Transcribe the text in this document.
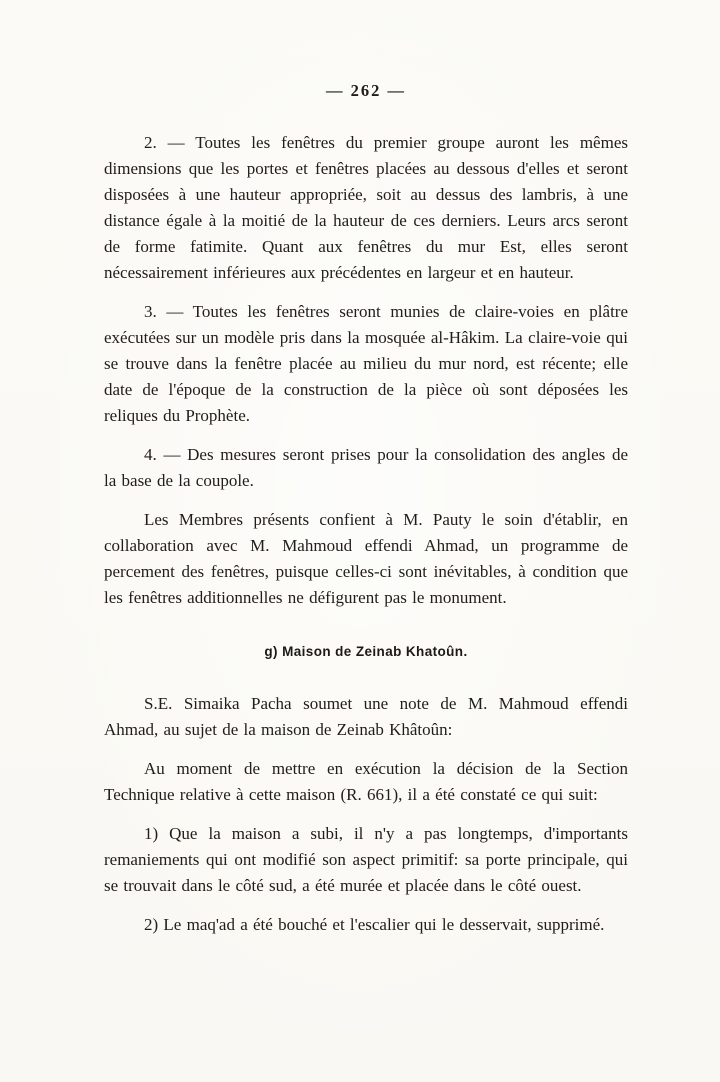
— 262 —

2. — Toutes les fenêtres du premier groupe auront les mêmes dimensions que les portes et fenêtres placées au dessous d'elles et seront disposées à une hauteur appropriée, soit au dessus des lambris, à une distance égale à la moitié de la hauteur de ces derniers. Leurs arcs seront de forme fatimite. Quant aux fenêtres du mur Est, elles seront nécessairement inférieures aux précédentes en largeur et en hauteur.

3. — Toutes les fenêtres seront munies de claire-voies en plâtre exécutées sur un modèle pris dans la mosquée al-Hâkim. La claire-voie qui se trouve dans la fenêtre placée au milieu du mur nord, est récente; elle date de l'époque de la construction de la pièce où sont déposées les reliques du Prophète.

4. — Des mesures seront prises pour la consolidation des angles de la base de la coupole.

Les Membres présents confient à M. Pauty le soin d'établir, en collaboration avec M. Mahmoud effendi Ahmad, un programme de percement des fenêtres, puisque celles-ci sont inévitables, à condition que les fenêtres additionnelles ne défigurent pas le monument.

g) Maison de Zeinab Khatoûn.

S.E. Simaika Pacha soumet une note de M. Mahmoud effendi Ahmad, au sujet de la maison de Zeinab Khâtoûn:

Au moment de mettre en exécution la décision de la Section Technique relative à cette maison (R. 661), il a été constaté ce qui suit:

1) Que la maison a subi, il n'y a pas longtemps, d'importants remaniements qui ont modifié son aspect primitif: sa porte principale, qui se trouvait dans le côté sud, a été murée et placée dans le côté ouest.

2) Le maq'ad a été bouché et l'escalier qui le desservait, supprimé.
